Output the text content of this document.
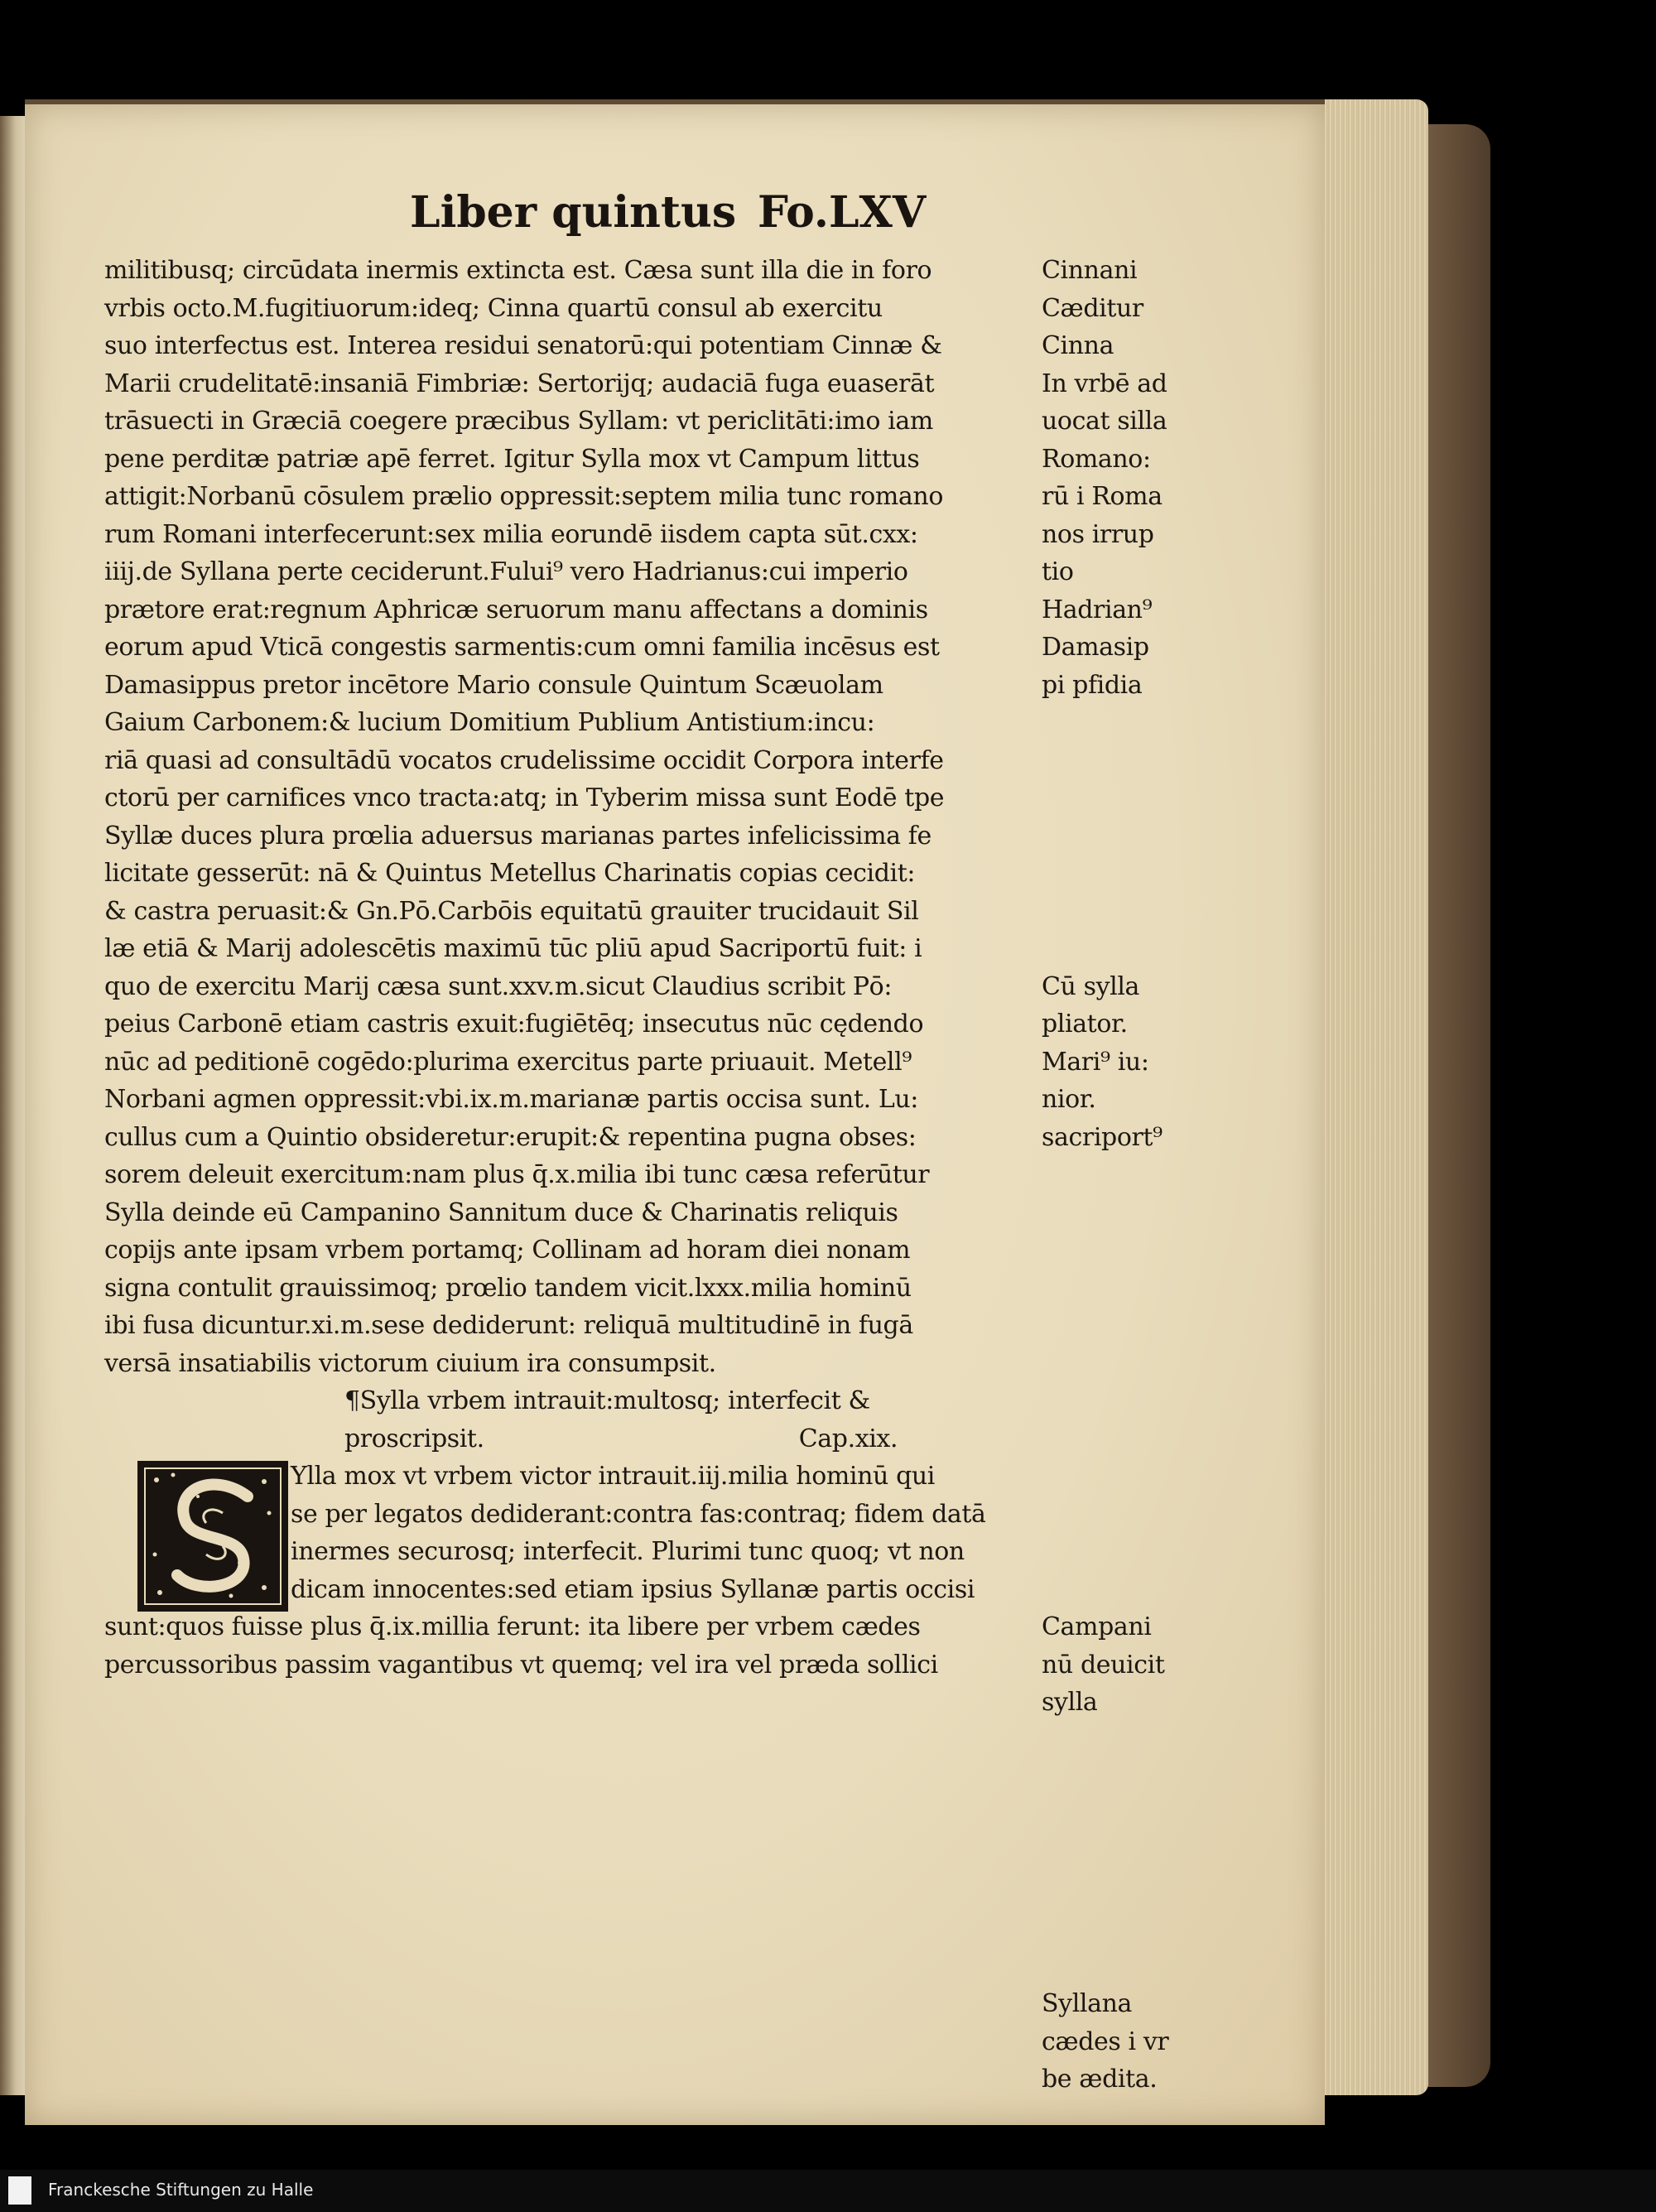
Liber quintus Fo.LXV
militibusq; circūdata inermis extincta est. Cæsa sunt illa die in foro
vrbis octo.M.fugitiuorum:ideq; Cinna quartū consul ab exercitu
suo interfectus est. Interea residui senatorū:qui potentiam Cinnæ &
Marii crudelitatē:insaniā Fimbriæ: Sertorijq; audaciā fuga euaserāt
trāsuecti in Græciā coegere præcibus Syllam: vt periclitāti:imo iam
pene perditæ patriæ apē ferret. Igitur Sylla mox vt Campum littus
attigit:Norbanū cōsulem prælio oppressit:septem milia tunc romano
rum Romani interfecerunt:sex milia eorundē iisdem capta sūt.cxx:
iiij.de Syllana perte ceciderunt.Fului⁹ vero Hadrianus:cui imperio
prætore erat:regnum Aphricæ seruorum manu affectans a dominis
eorum apud Vticā congestis sarmentis:cum omni familia incēsus est
Damasippus pretor incētore Mario consule Quintum Scæuolam
Gaium Carbonem:& lucium Domitium Publium Antistium:incu:
riā quasi ad consultādū vocatos crudelissime occidit Corpora interfe
ctorū per carnifices vnco tracta:atq; in Tyberim missa sunt Eodē tpe
Syllæ duces plura prœlia aduersus marianas partes infelicissima fe
licitate gesserūt: nā & Quintus Metellus Charinatis copias cecidit:
& castra peruasit:& Gn.Pō.Carbōis equitatū grauiter trucidauit Sil
læ etiā & Marij adolescētis maximū tūc pliū apud Sacriportū fuit: i
quo de exercitu Marij cæsa sunt.xxv.m.sicut Claudius scribit Pō:
peius Carbonē etiam castris exuit:fugiētēq; insecutus nūc cędendo
nūc ad peditionē cogēdo:plurima exercitus parte priuauit. Metell⁹
Norbani agmen oppressit:vbi.ix.m.marianæ partis occisa sunt. Lu:
cullus cum a Quintio obsideretur:erupit:& repentina pugna obses:
sorem deleuit exercitum:nam plus q̄.x.milia ibi tunc cæsa referūtur
Sylla deinde eū Campanino Sannitum duce & Charinatis reliquis
copijs ante ipsam vrbem portamq; Collinam ad horam diei nonam
signa contulit grauissimoq; prœlio tandem vicit.lxxx.milia hominū
ibi fusa dicuntur.xi.m.sese dediderunt: reliquā multitudinē in fugā
versā insatiabilis victorum ciuium ira consumpsit.
¶Sylla vrbem intrauit:multosq; interfecit &
proscripsit.	Cap.xix.
S
Ylla mox vt vrbem victor intrauit.iij.milia hominū qui
se per legatos dediderant:contra fas:contraq; fidem datā
inermes securosq; interfecit. Plurimi tunc quoq; vt non
dicam innocentes:sed etiam ipsius Syllanæ partis occisi
sunt:quos fuisse plus q̄.ix.millia ferunt: ita libere per vrbem cædes
percussoribus passim vagantibus vt quemq; vel ira vel præda sollici
Cinnani
Cæditur
Cinna
In vrbē ad
uocat silla
Romano:
rū i Roma
nos irrup
tio
Hadrian⁹
Damasip
pi pfidia
Cū sylla
pliator.
Mari⁹ iu:
nior.
sacriport⁹
Campani
nū deuicit
sylla
Syllana
cædes i vr
be ædita.
Franckesche Stiftungen zu Halle
